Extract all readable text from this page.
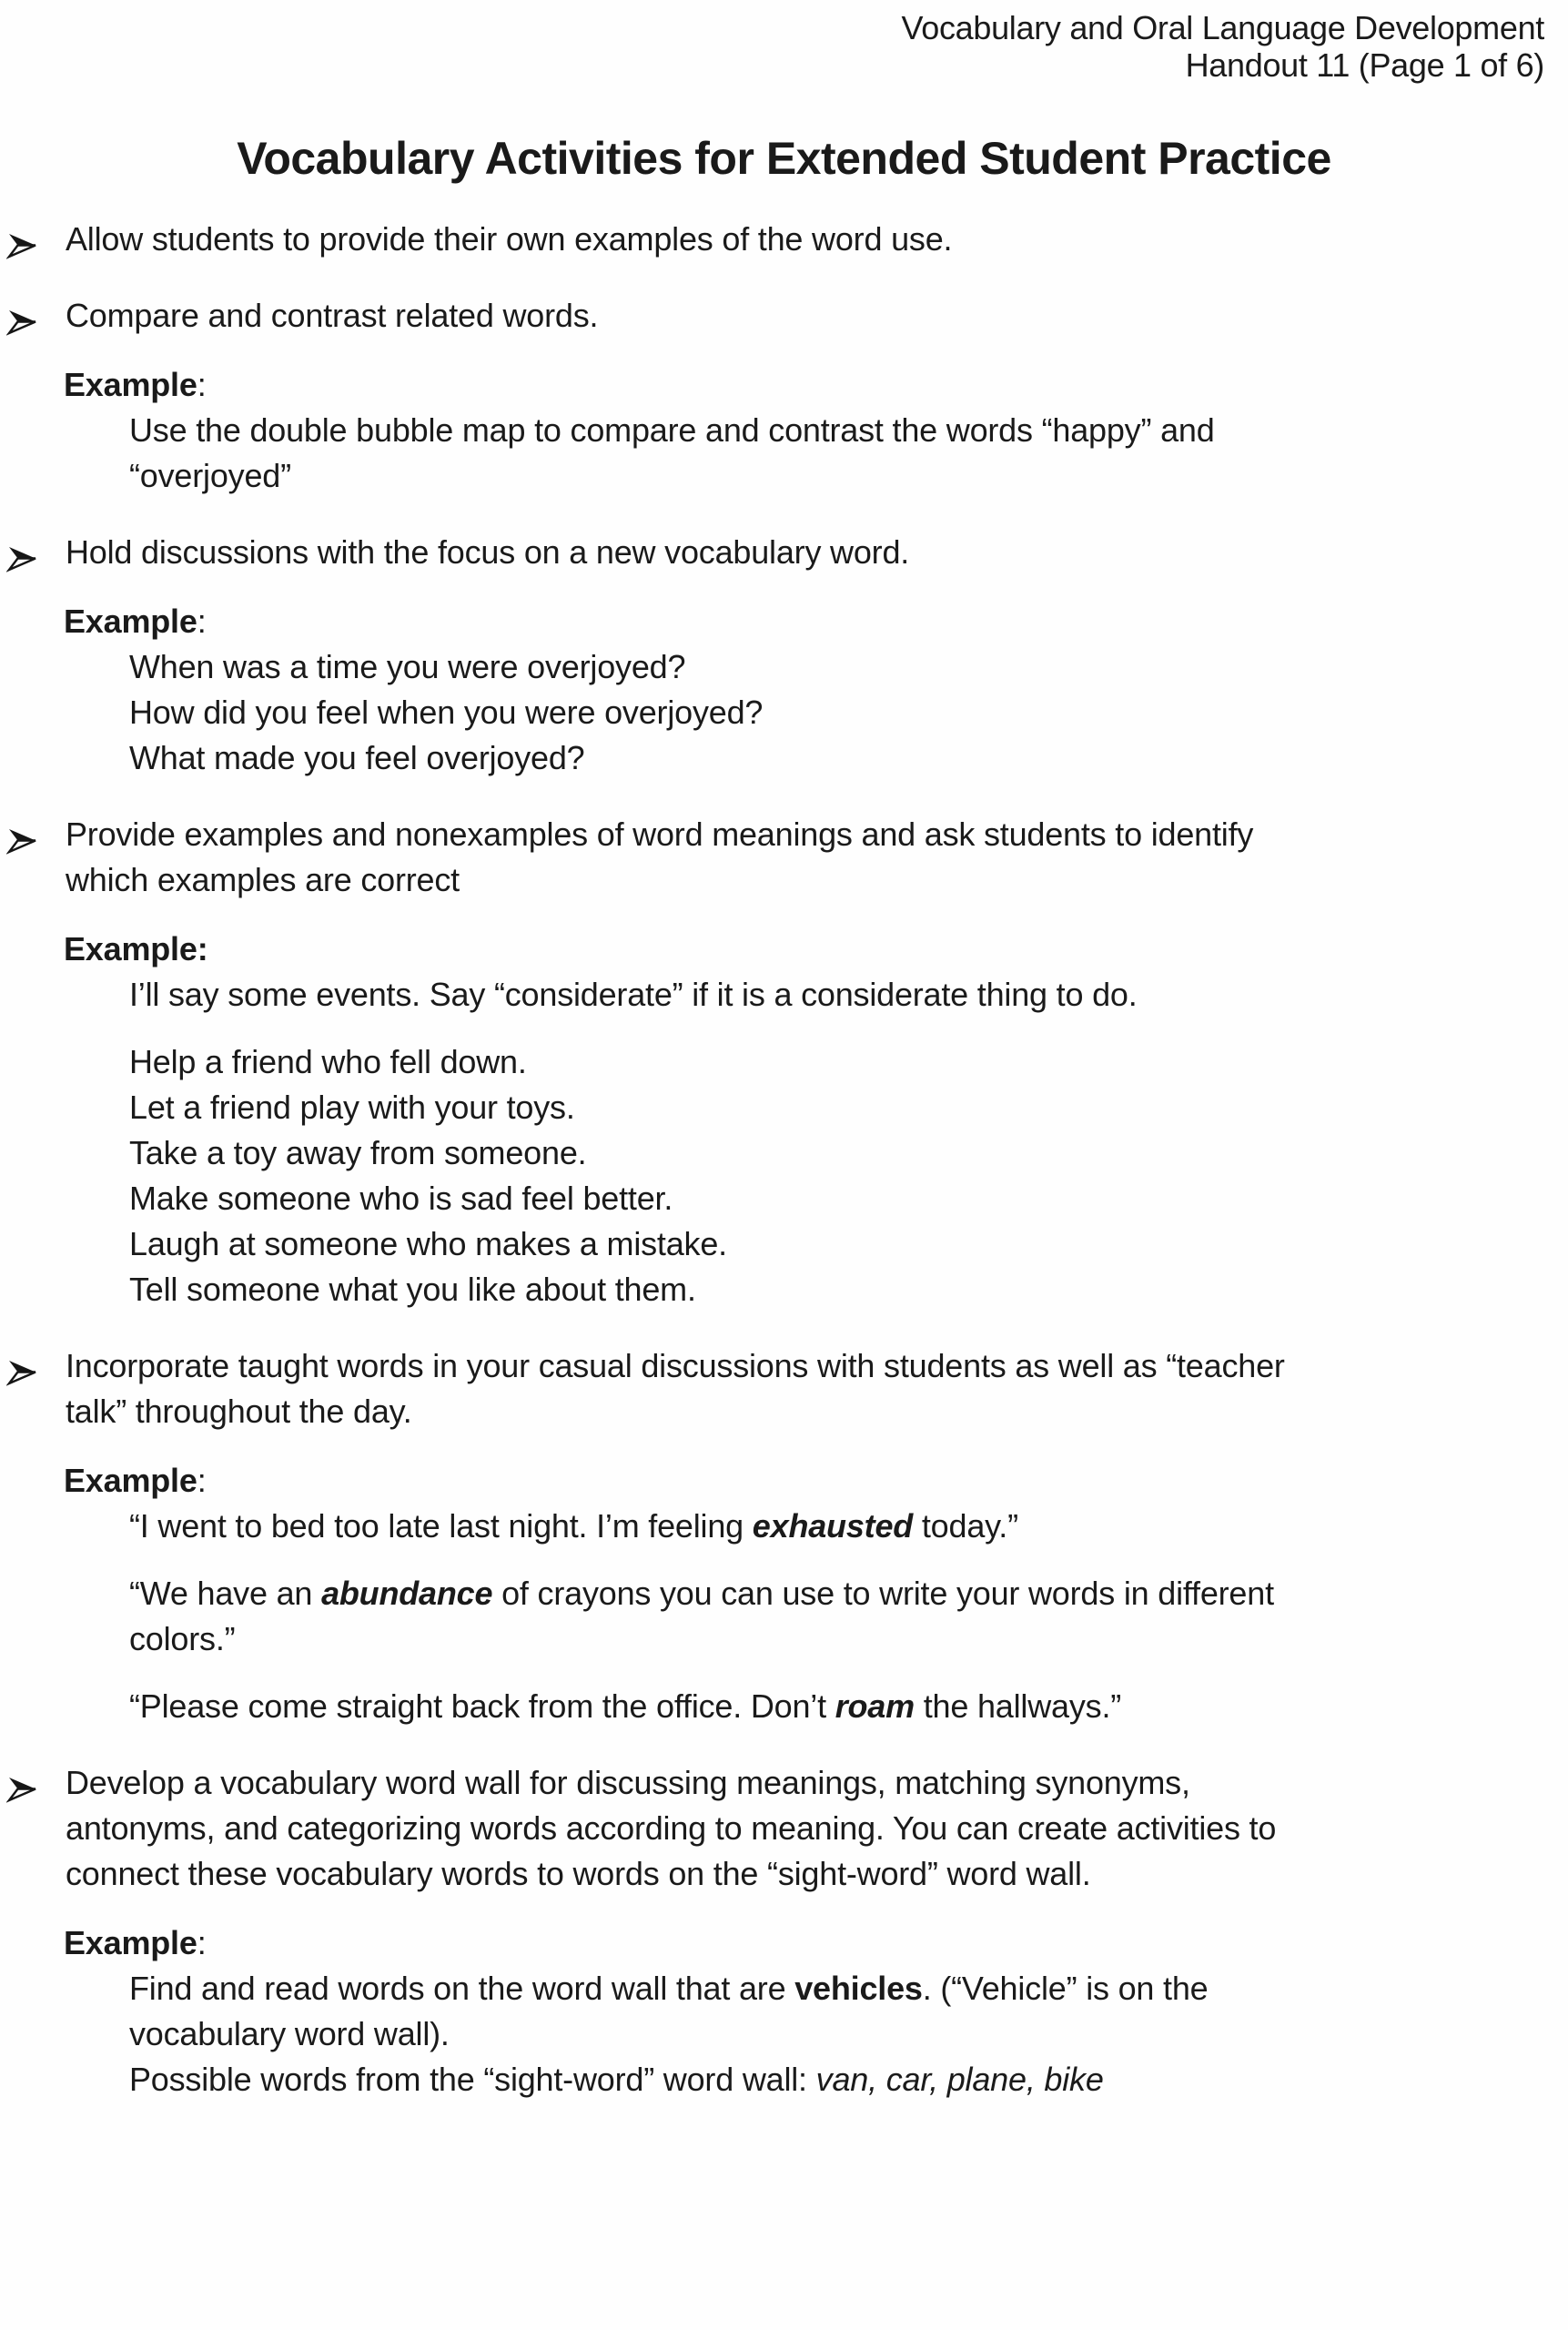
Vocabulary and Oral Language Development
Handout 11 (Page 1 of 6)
Vocabulary Activities for Extended Student Practice
Allow students to provide their own examples of the word use.
Compare and contrast related words.
Example:
Use the double bubble map to compare and contrast the words “happy” and
“overjoyed”
Hold discussions with the focus on a new vocabulary word.
Example:
When was a time you were overjoyed?
How did you feel when you were overjoyed?
What made you feel overjoyed?
Provide examples and nonexamples of word meanings and ask students to identify
which examples are correct
Example:
I’ll say some events. Say “considerate” if it is a considerate thing to do.
Help a friend who fell down.
Let a friend play with your toys.
Take a toy away from someone.
Make someone who is sad feel better.
Laugh at someone who makes a mistake.
Tell someone what you like about them.
Incorporate taught words in your casual discussions with students as well as “teacher
talk” throughout the day.
Example:
“I went to bed too late last night. I’m feeling exhausted today.”
“We have an abundance of crayons you can use to write your words in different
colors.”
“Please come straight back from the office. Don’t roam the hallways.”
Develop a vocabulary word wall for discussing meanings, matching synonyms,
antonyms, and categorizing words according to meaning. You can create activities to
connect these vocabulary words to words on the “sight-word” word wall.
Example:
Find and read words on the word wall that are vehicles. (“Vehicle” is on the
vocabulary word wall).
Possible words from the “sight-word” word wall: van, car, plane, bike
